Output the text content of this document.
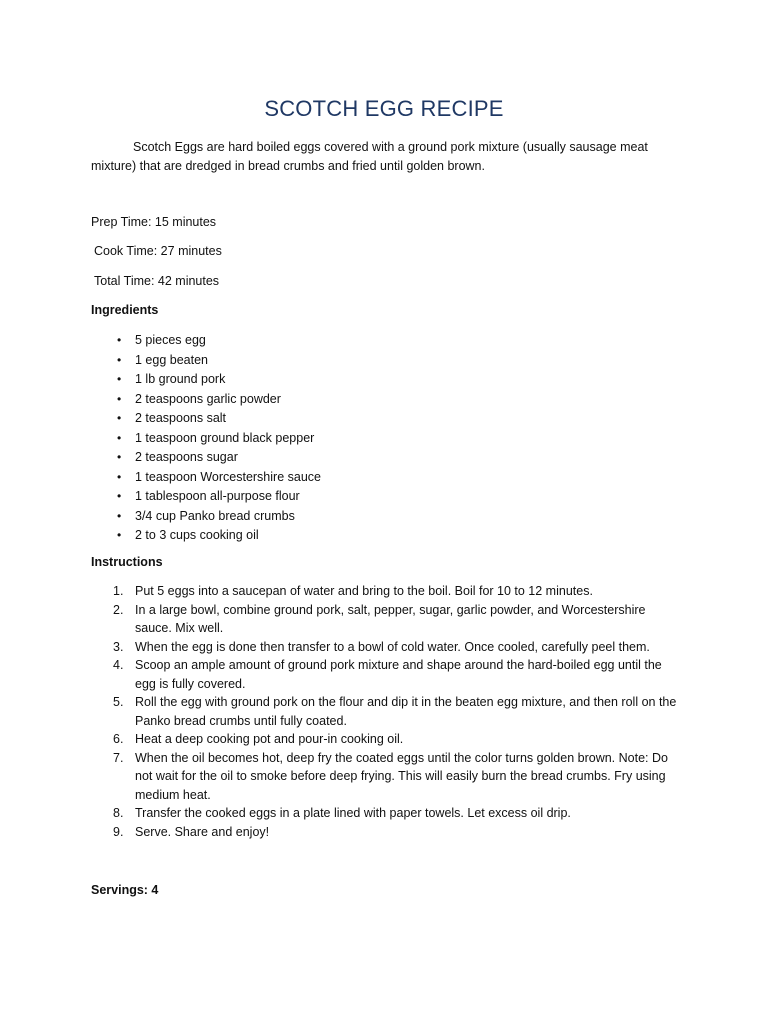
SCOTCH EGG RECIPE

Scotch Eggs are hard boiled eggs covered with a ground pork mixture (usually sausage meat mixture) that are dredged in bread crumbs and fried until golden brown.

Prep Time: 15 minutes

Cook Time: 27 minutes

Total Time: 42 minutes

Ingredients

• 5 pieces egg
• 1 egg beaten
• 1 lb ground pork
• 2 teaspoons garlic powder
• 2 teaspoons salt
• 1 teaspoon ground black pepper
• 2 teaspoons sugar
• 1 teaspoon Worcestershire sauce
• 1 tablespoon all-purpose flour
• 3/4 cup Panko bread crumbs
• 2 to 3 cups cooking oil

Instructions

1. Put 5 eggs into a saucepan of water and bring to the boil. Boil for 10 to 12 minutes.
2. In a large bowl, combine ground pork, salt, pepper, sugar, garlic powder, and Worcestershire sauce. Mix well.
3. When the egg is done then transfer to a bowl of cold water. Once cooled, carefully peel them.
4. Scoop an ample amount of ground pork mixture and shape around the hard-boiled egg until the egg is fully covered.
5. Roll the egg with ground pork on the flour and dip it in the beaten egg mixture, and then roll on the Panko bread crumbs until fully coated.
6. Heat a deep cooking pot and pour-in cooking oil.
7. When the oil becomes hot, deep fry the coated eggs until the color turns golden brown. Note: Do not wait for the oil to smoke before deep frying. This will easily burn the bread crumbs. Fry using medium heat.
8. Transfer the cooked eggs in a plate lined with paper towels. Let excess oil drip.
9. Serve. Share and enjoy!

Servings: 4
